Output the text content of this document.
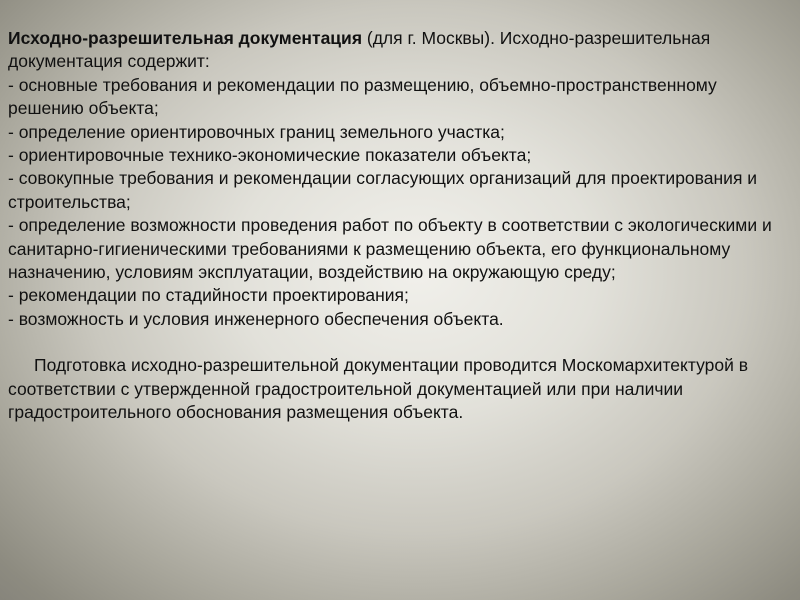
Исходно-разрешительная документация (для г. Москвы). Исходно-разрешительная документация содержит:

- основные требования и рекомендации по размещению, объемно-пространственному решению объекта;

- определение ориентировочных границ земельного участка;

- ориентировочные технико-экономические показатели объекта;

- совокупные требования и рекомендации согласующих организаций для проектирования и строительства;

- определение возможности проведения работ по объекту в соответствии с экологическими и санитарно-гигиеническими требованиями к размещению объекта, его функциональному назначению, условиям эксплуатации, воздействию на окружающую среду;

- рекомендации по стадийности проектирования;

- возможность и условия инженерного обеспечения объекта.

Подготовка исходно-разрешительной документации проводится Москомархитектурой в соответствии с утвержденной градостроительной документацией или при наличии градостроительного обоснования размещения объекта.
